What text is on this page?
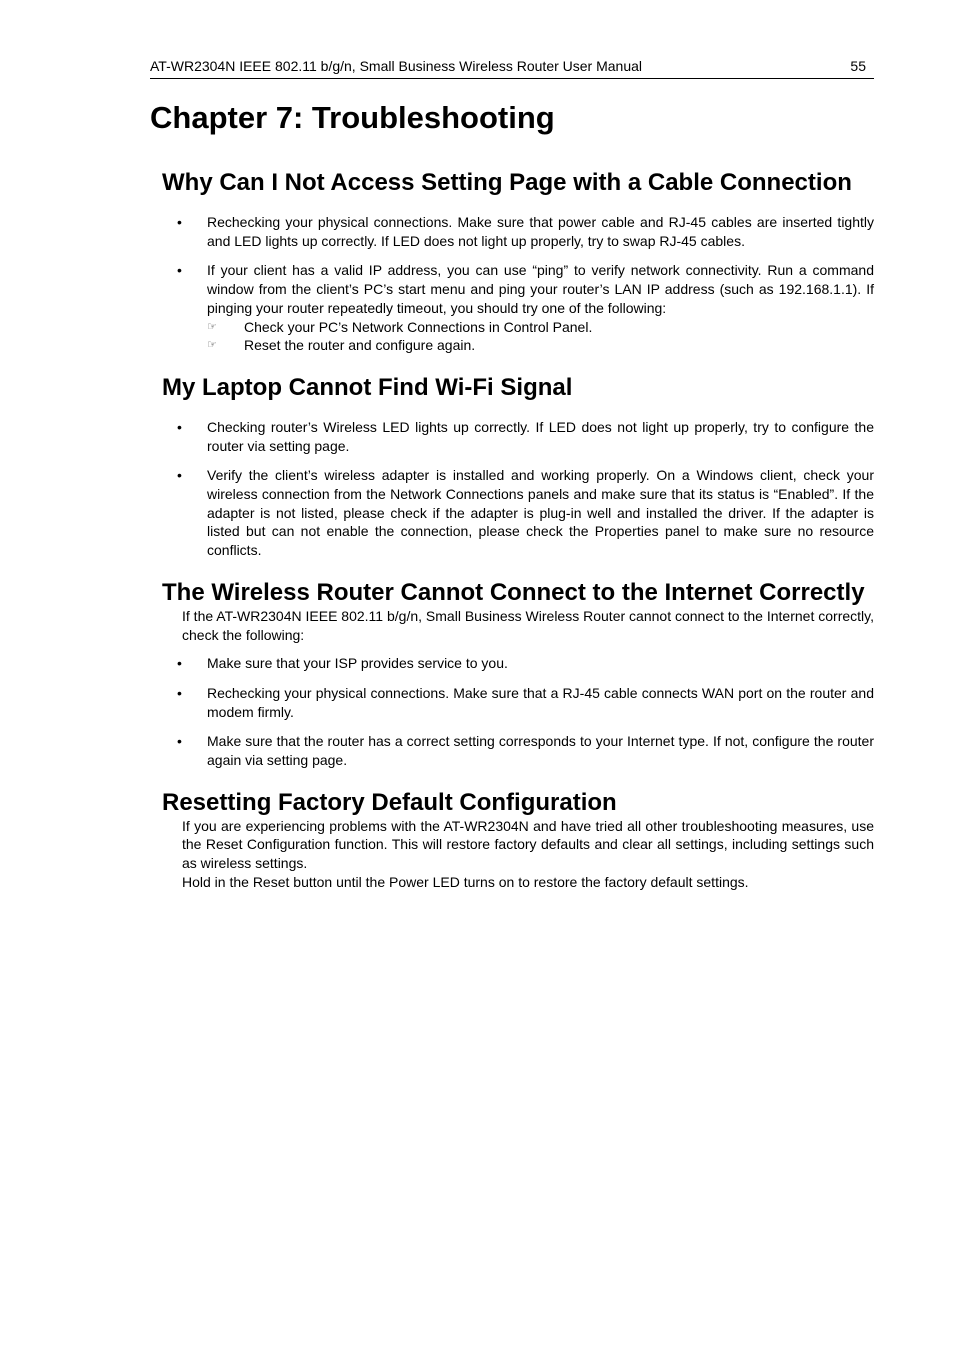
AT-WR2304N IEEE 802.11 b/g/n, Small Business Wireless Router User Manual	55
Chapter 7: Troubleshooting
Why Can I Not Access Setting Page with a Cable Connection
• Rechecking your physical connections. Make sure that power cable and RJ-45 cables are inserted tightly and LED lights up correctly. If LED does not light up properly, try to swap RJ-45 cables.
• If your client has a valid IP address, you can use “ping” to verify network connectivity. Run a command window from the client’s PC’s start menu and ping your router’s LAN IP address (such as 192.168.1.1). If pinging your router repeatedly timeout, you should try one of the following:
☞ Check your PC’s Network Connections in Control Panel.
☞ Reset the router and configure again.
My Laptop Cannot Find Wi-Fi Signal
• Checking router’s Wireless LED lights up correctly. If LED does not light up properly, try to configure the router via setting page.
• Verify the client’s wireless adapter is installed and working properly. On a Windows client, check your wireless connection from the Network Connections panels and make sure that its status is “Enabled”. If the adapter is not listed, please check if the adapter is plug-in well and installed the driver. If the adapter is listed but can not enable the connection, please check the Properties panel to make sure no resource conflicts.
The Wireless Router Cannot Connect to the Internet Correctly

If the AT-WR2304N IEEE 802.11 b/g/n, Small Business Wireless Router cannot connect to the Internet correctly, check the following:

• Make sure that your ISP provides service to you.
• Rechecking your physical connections. Make sure that a RJ-45 cable connects WAN port on the router and modem firmly.
• Make sure that the router has a correct setting corresponds to your Internet type. If not, configure the router again via setting page.
Resetting Factory Default Configuration

If you are experiencing problems with the AT-WR2304N and have tried all other troubleshooting measures, use the Reset Configuration function. This will restore factory defaults and clear all settings, including settings such as wireless settings.

Hold in the Reset button until the Power LED turns on to restore the factory default settings.
